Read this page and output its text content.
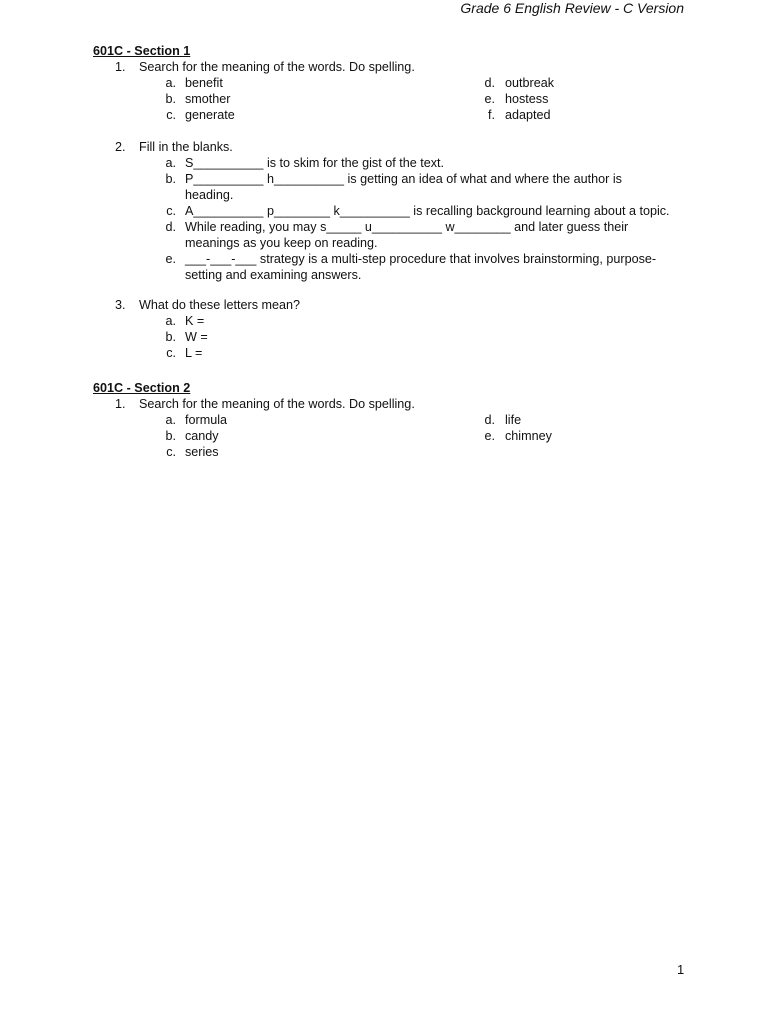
Grade 6 English Review - C Version
601C - Section 1
1. Search for the meaning of the words. Do spelling.
a. benefit
b. smother
c. generate
d. outbreak
e. hostess
f. adapted
2. Fill in the blanks.
a. S__________ is to skim for the gist of the text.
b. P__________ h__________ is getting an idea of what and where the author is heading.
c. A__________ p________ k__________ is recalling background learning about a topic.
d. While reading, you may s_____ u__________ w________ and later guess their meanings as you keep on reading.
e. ___-___-___ strategy is a multi-step procedure that involves brainstorming, purpose-setting and examining answers.
3. What do these letters mean?
a. K =
b. W =
c. L =
601C - Section 2
1. Search for the meaning of the words. Do spelling.
a. formula
b. candy
c. series
d. life
e. chimney
1
